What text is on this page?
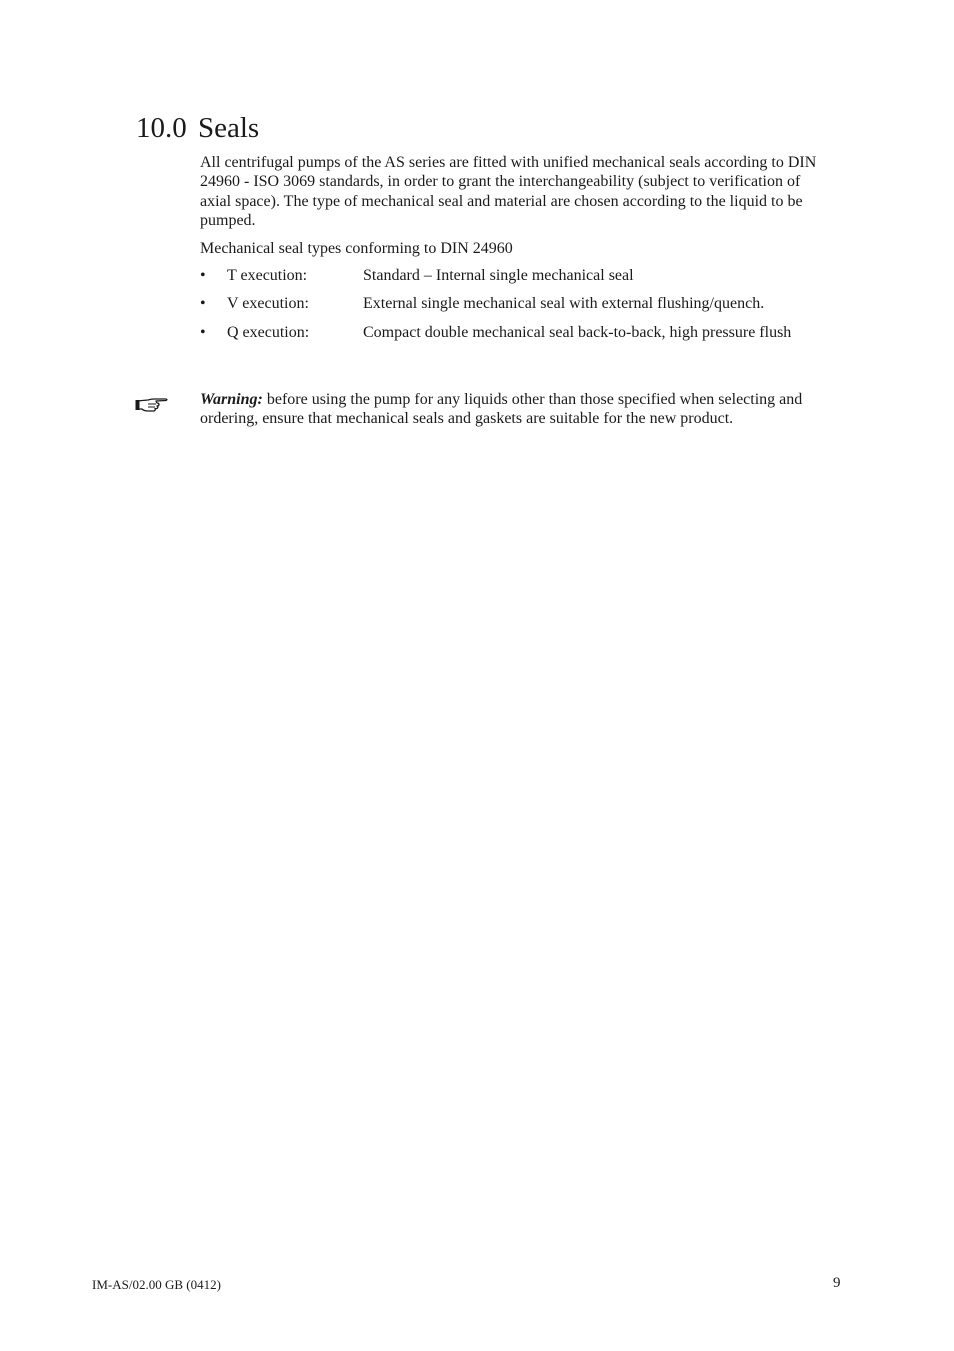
10.0 Seals

All centrifugal pumps of the AS series are fitted with unified mechanical seals according to DIN 24960 - ISO 3069 standards, in order to grant the interchangeability (subject to verification of axial space). The type of mechanical seal and material are chosen according to the liquid to be pumped.

Mechanical seal types conforming to DIN 24960
• T execution:	Standard – Internal single mechanical seal
• V execution:	External single mechanical seal with external flushing/quench.
• Q execution:	Compact double mechanical seal back-to-back, high pressure flush
Warning: before using the pump for any liquids other than those specified when selecting and ordering, ensure that mechanical seals and gaskets are suitable for the new product.
IM-AS/02.00 GB (0412)	9
